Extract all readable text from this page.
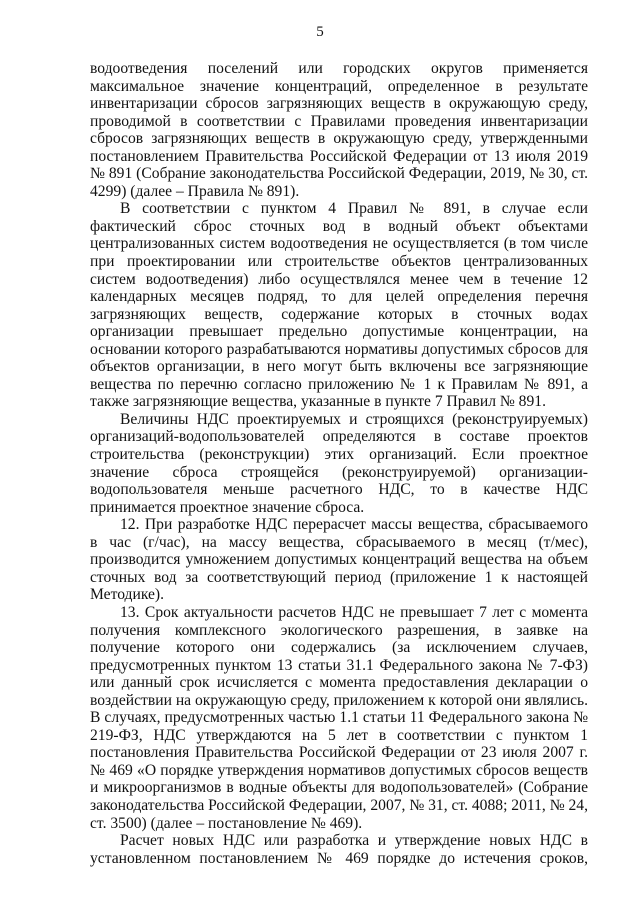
5

водоотведения поселений или городских округов применяется максимальное значение концентраций, определенное в результате инвентаризации сбросов загрязняющих веществ в окружающую среду, проводимой в соответствии с Правилами проведения инвентаризации сбросов загрязняющих веществ в окружающую среду, утвержденными постановлением Правительства Российской Федерации от 13 июля 2019 № 891 (Собрание законодательства Российской Федерации, 2019, № 30, ст. 4299) (далее – Правила № 891).

В соответствии с пунктом 4 Правил № 891, в случае если фактический сброс сточных вод в водный объект объектами централизованных систем водоотведения не осуществляется (в том числе при проектировании или строительстве объектов централизованных систем водоотведения) либо осуществлялся менее чем в течение 12 календарных месяцев подряд, то для целей определения перечня загрязняющих веществ, содержание которых в сточных водах организации превышает предельно допустимые концентрации, на основании которого разрабатываются нормативы допустимых сбросов для объектов организации, в него могут быть включены все загрязняющие вещества по перечню согласно приложению № 1 к Правилам № 891, а также загрязняющие вещества, указанные в пункте 7 Правил № 891.

Величины НДС проектируемых и строящихся (реконструируемых) организаций-водопользователей определяются в составе проектов строительства (реконструкции) этих организаций. Если проектное значение сброса строящейся (реконструируемой) организации-водопользователя меньше расчетного НДС, то в качестве НДС принимается проектное значение сброса.

12. При разработке НДС перерасчет массы вещества, сбрасываемого в час (г/час), на массу вещества, сбрасываемого в месяц (т/мес), производится умножением допустимых концентраций вещества на объем сточных вод за соответствующий период (приложение 1 к настоящей Методике).

13. Срок актуальности расчетов НДС не превышает 7 лет с момента получения комплексного экологического разрешения, в заявке на получение которого они содержались (за исключением случаев, предусмотренных пунктом 13 статьи 31.1 Федерального закона № 7-ФЗ) или данный срок исчисляется с момента предоставления декларации о воздействии на окружающую среду, приложением к которой они являлись. В случаях, предусмотренных частью 1.1 статьи 11 Федерального закона № 219-ФЗ, НДС утверждаются на 5 лет в соответствии с пунктом 1 постановления Правительства Российской Федерации от 23 июля 2007 г. № 469 «О порядке утверждения нормативов допустимых сбросов веществ и микроорганизмов в водные объекты для водопользователей» (Собрание законодательства Российской Федерации, 2007, № 31, ст. 4088; 2011, № 24, ст. 3500) (далее – постановление № 469).

Расчет новых НДС или разработка и утверждение новых НДС в установленном постановлением № 469 порядке до истечения сроков,
